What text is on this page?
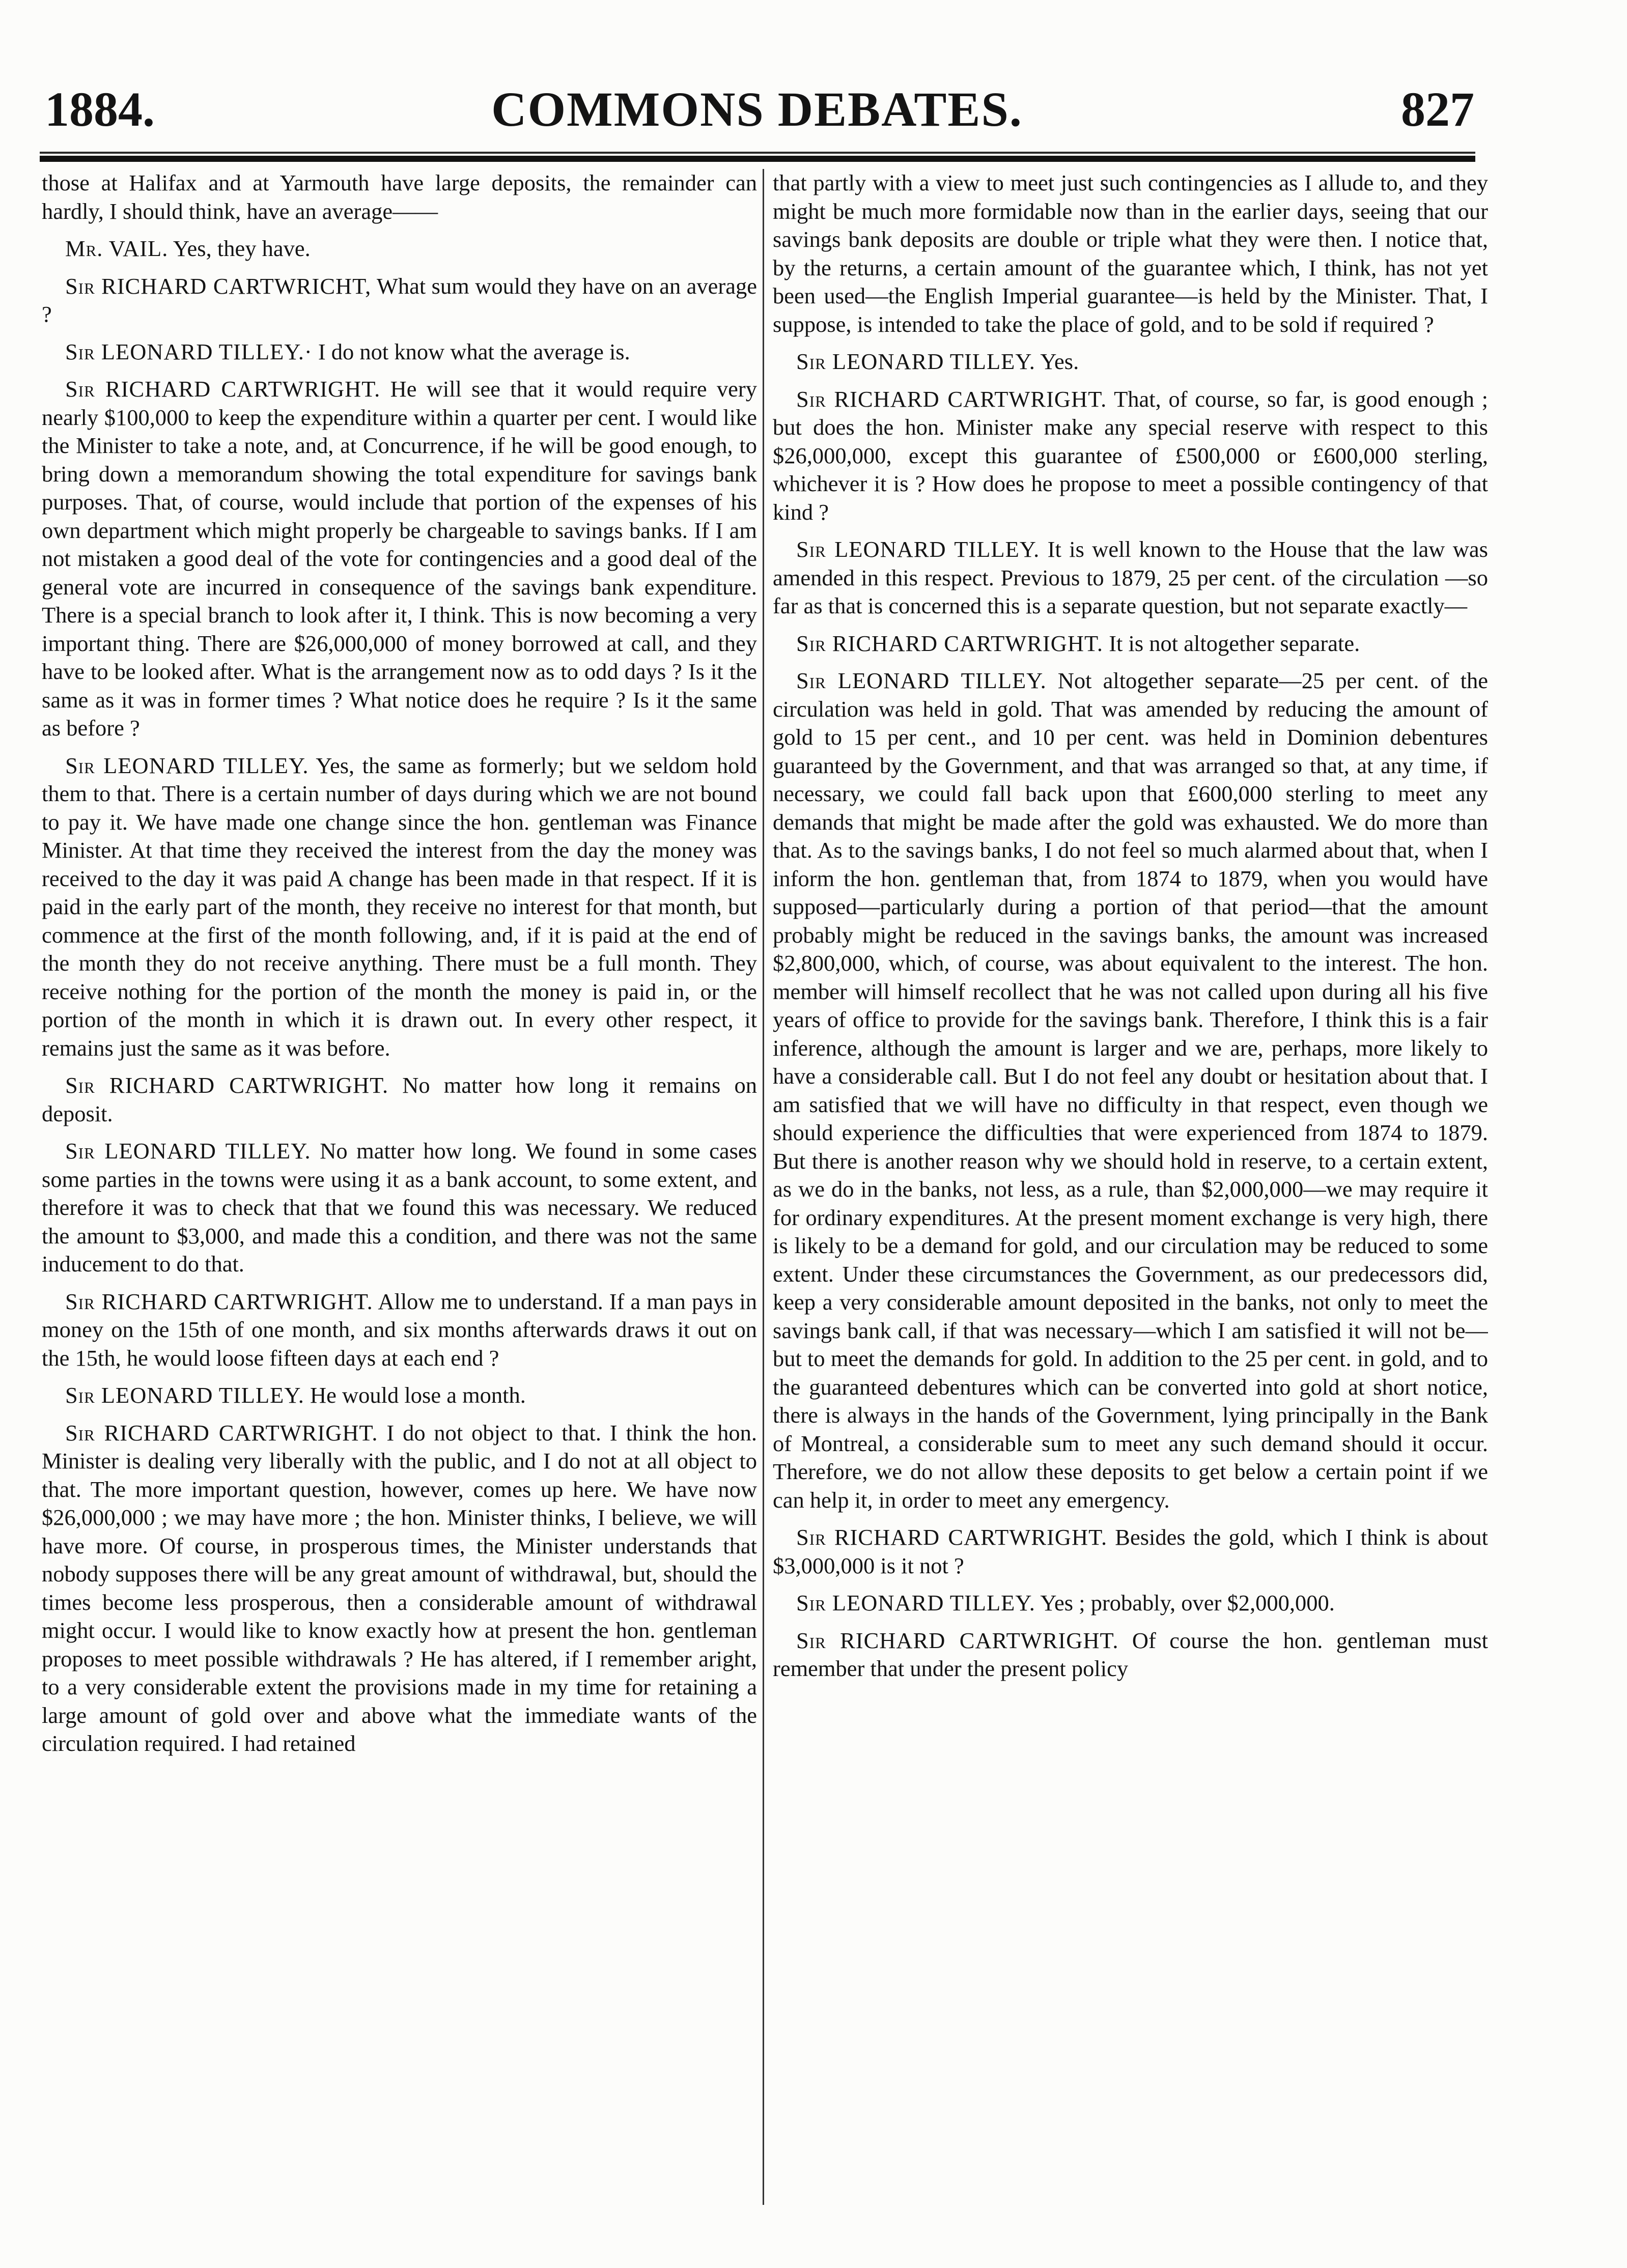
1884.	COMMONS DEBATES.	827

those at Halifax and at Yarmouth have large deposits, the remainder can hardly, I should think, have an average——

Mr. VAIL. Yes, they have.

Sir RICHARD CARTWRICHT, What sum would they have on an average ?

Sir LEONARD TILLEY.· I do not know what the average is.

Sir RICHARD CARTWRIGHT. He will see that it would require very nearly $100,000 to keep the expenditure within a quarter per cent. I would like the Minister to take a note, and, at Concurrence, if he will be good enough, to bring down a memorandum showing the total expenditure for savings bank purposes. That, of course, would include that portion of the expenses of his own department which might properly be chargeable to savings banks. If I am not mistaken a good deal of the vote for contingencies and a good deal of the general vote are incurred in consequence of the savings bank expenditure. There is a special branch to look after it, I think. This is now becoming a very important thing. There are $26,000,000 of money borrowed at call, and they have to be looked after. What is the arrangement now as to odd days ? Is it the same as it was in former times ? What notice does he require ? Is it the same as before ?

Sir LEONARD TILLEY. Yes, the same as formerly; but we seldom hold them to that. There is a certain number of days during which we are not bound to pay it. We have made one change since the hon. gentleman was Finance Minister. At that time they received the interest from the day the money was received to the day it was paid A change has been made in that respect. If it is paid in the early part of the month, they receive no interest for that month, but commence at the first of the month following, and, if it is paid at the end of the month they do not receive anything. There must be a full month. They receive nothing for the portion of the month the money is paid in, or the portion of the month in which it is drawn out. In every other respect, it remains just the same as it was before.

Sir RICHARD CARTWRIGHT. No matter how long it remains on deposit.

Sir LEONARD TILLEY. No matter how long. We found in some cases some parties in the towns were using it as a bank account, to some extent, and therefore it was to check that that we found this was necessary. We reduced the amount to $3,000, and made this a condition, and there was not the same inducement to do that.

Sir RICHARD CARTWRIGHT. Allow me to understand. If a man pays in money on the 15th of one month, and six months afterwards draws it out on the 15th, he would loose fifteen days at each end ?

Sir LEONARD TILLEY. He would lose a month.

Sir RICHARD CARTWRIGHT. I do not object to that. I think the hon. Minister is dealing very liberally with the public, and I do not at all object to that. The more important question, however, comes up here. We have now $26,000,000 ; we may have more ; the hon. Minister thinks, I believe, we will have more. Of course, in prosperous times, the Minister understands that nobody supposes there will be any great amount of withdrawal, but, should the times become less prosperous, then a considerable amount of withdrawal might occur. I would like to know exactly how at present the hon. gentleman proposes to meet possible withdrawals ? He has altered, if I remember aright, to a very considerable extent the provisions made in my time for retaining a large amount of gold over and above what the immediate wants of the circulation required. I had retained

that partly with a view to meet just such contingencies as I allude to, and they might be much more formidable now than in the earlier days, seeing that our savings bank deposits are double or triple what they were then. I notice that, by the returns, a certain amount of the guarantee which, I think, has not yet been used—the English Imperial guarantee—is held by the Minister. That, I suppose, is intended to take the place of gold, and to be sold if required ?

Sir LEONARD TILLEY. Yes.

Sir RICHARD CARTWRIGHT. That, of course, so far, is good enough ; but does the hon. Minister make any special reserve with respect to this $26,000,000, except this guarantee of £500,000 or £600,000 sterling, whichever it is ? How does he propose to meet a possible contingency of that kind ?

Sir LEONARD TILLEY. It is well known to the House that the law was amended in this respect. Previous to 1879, 25 per cent. of the circulation —so far as that is concerned this is a separate question, but not separate exactly—

Sir RICHARD CARTWRIGHT. It is not altogether separate.

Sir LEONARD TILLEY. Not altogether separate—25 per cent. of the circulation was held in gold. That was amended by reducing the amount of gold to 15 per cent., and 10 per cent. was held in Dominion debentures guaranteed by the Government, and that was arranged so that, at any time, if necessary, we could fall back upon that £600,000 sterling to meet any demands that might be made after the gold was exhausted. We do more than that. As to the savings banks, I do not feel so much alarmed about that, when I inform the hon. gentleman that, from 1874 to 1879, when you would have supposed—particularly during a portion of that period—that the amount probably might be reduced in the savings banks, the amount was increased $2,800,000, which, of course, was about equivalent to the interest. The hon. member will himself recollect that he was not called upon during all his five years of office to provide for the savings bank. Therefore, I think this is a fair inference, although the amount is larger and we are, perhaps, more likely to have a considerable call. But I do not feel any doubt or hesitation about that. I am satisfied that we will have no difficulty in that respect, even though we should experience the difficulties that were experienced from 1874 to 1879. But there is another reason why we should hold in reserve, to a certain extent, as we do in the banks, not less, as a rule, than $2,000,000—we may require it for ordinary expenditures. At the present moment exchange is very high, there is likely to be a demand for gold, and our circulation may be reduced to some extent. Under these circumstances the Government, as our predecessors did, keep a very considerable amount deposited in the banks, not only to meet the savings bank call, if that was necessary—which I am satisfied it will not be—but to meet the demands for gold. In addition to the 25 per cent. in gold, and to the guaranteed debentures which can be converted into gold at short notice, there is always in the hands of the Government, lying principally in the Bank of Montreal, a considerable sum to meet any such demand should it occur. Therefore, we do not allow these deposits to get below a certain point if we can help it, in order to meet any emergency.

Sir RICHARD CARTWRIGHT. Besides the gold, which I think is about $3,000,000 is it not ?

Sir LEONARD TILLEY. Yes ; probably, over $2,000,000.

Sir RICHARD CARTWRIGHT. Of course the hon. gentleman must remember that under the present policy
